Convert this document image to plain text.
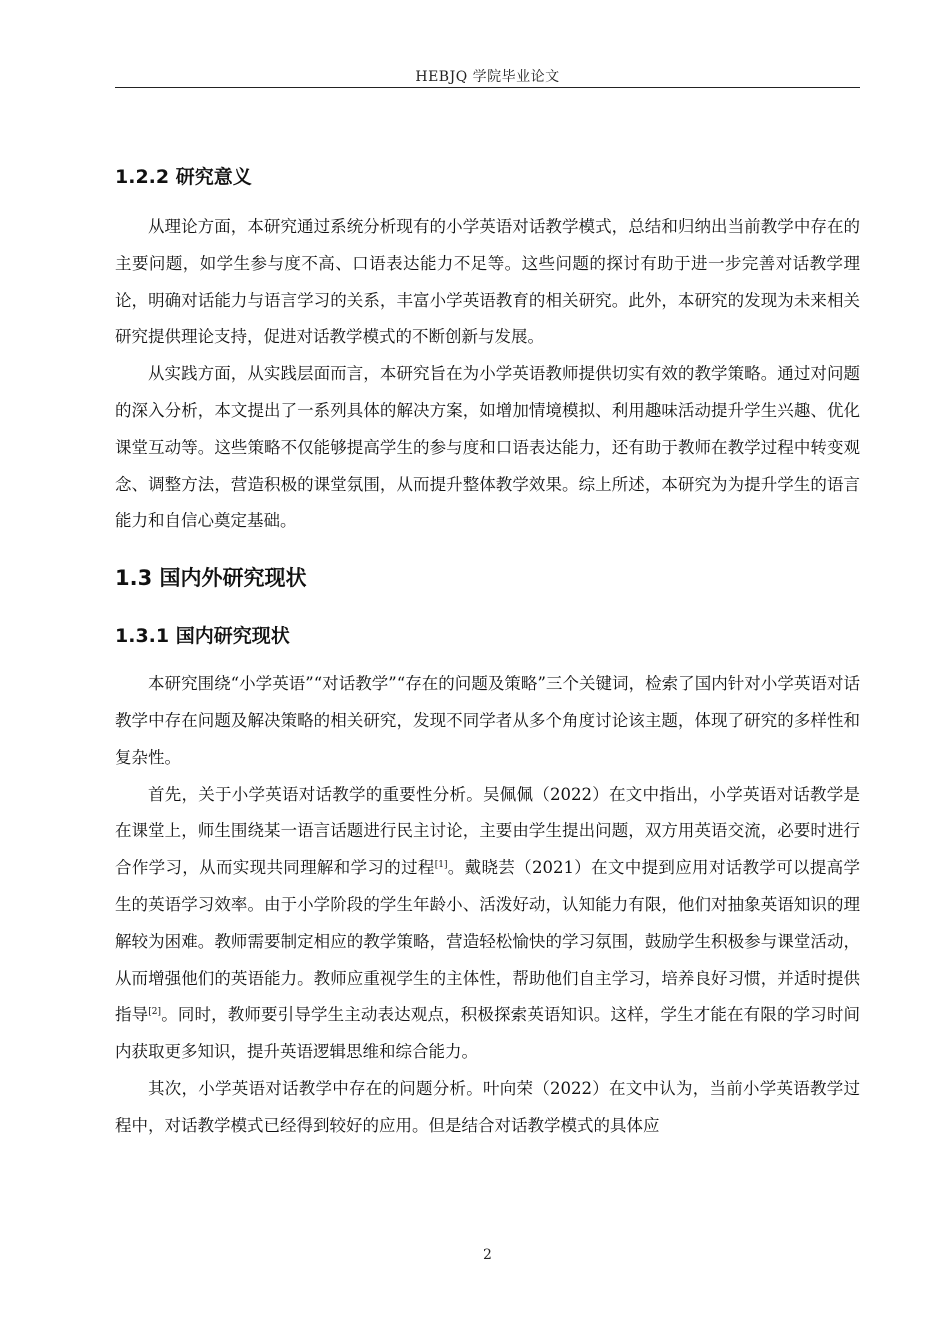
HEBJQ 学院毕业论文
1.2.2 研究意义

从理论方面，本研究通过系统分析现有的小学英语对话教学模式，总结和归纳出当前教学中存在的主要问题，如学生参与度不高、口语表达能力不足等。这些问题的探讨有助于进一步完善对话教学理论，明确对话能力与语言学习的关系，丰富小学英语教育的相关研究。此外，本研究的发现为未来相关研究提供理论支持，促进对话教学模式的不断创新与发展。

从实践方面，从实践层面而言，本研究旨在为小学英语教师提供切实有效的教学策略。通过对问题的深入分析，本文提出了一系列具体的解决方案，如增加情境模拟、利用趣味活动提升学生兴趣、优化课堂互动等。这些策略不仅能够提高学生的参与度和口语表达能力，还有助于教师在教学过程中转变观念、调整方法，营造积极的课堂氛围，从而提升整体教学效果。综上所述，本研究为为提升学生的语言能力和自信心奠定基础。

1.3 国内外研究现状
1.3.1 国内研究现状

本研究围绕“小学英语”“对话教学”“存在的问题及策略”三个关键词，检索了国内针对小学英语对话教学中存在问题及解决策略的相关研究，发现不同学者从多个角度讨论该主题，体现了研究的多样性和复杂性。

首先，关于小学英语对话教学的重要性分析。吴佩佩（2022）在文中指出，小学英语对话教学是在课堂上，师生围绕某一语言话题进行民主讨论，主要由学生提出问题，双方用英语交流，必要时进行合作学习，从而实现共同理解和学习的过程[1]。戴晓芸（2021）在文中提到应用对话教学可以提高学生的英语学习效率。由于小学阶段的学生年龄小、活泼好动，认知能力有限，他们对抽象英语知识的理解较为困难。教师需要制定相应的教学策略，营造轻松愉快的学习氛围，鼓励学生积极参与课堂活动，从而增强他们的英语能力。教师应重视学生的主体性，帮助他们自主学习，培养良好习惯，并适时提供指导[2]。同时，教师要引导学生主动表达观点，积极探索英语知识。这样，学生才能在有限的学习时间内获取更多知识，提升英语逻辑思维和综合能力。

其次，小学英语对话教学中存在的问题分析。叶向荣（2022）在文中认为，当前小学英语教学过程中，对话教学模式已经得到较好的应用。但是结合对话教学模式的具体应

2
